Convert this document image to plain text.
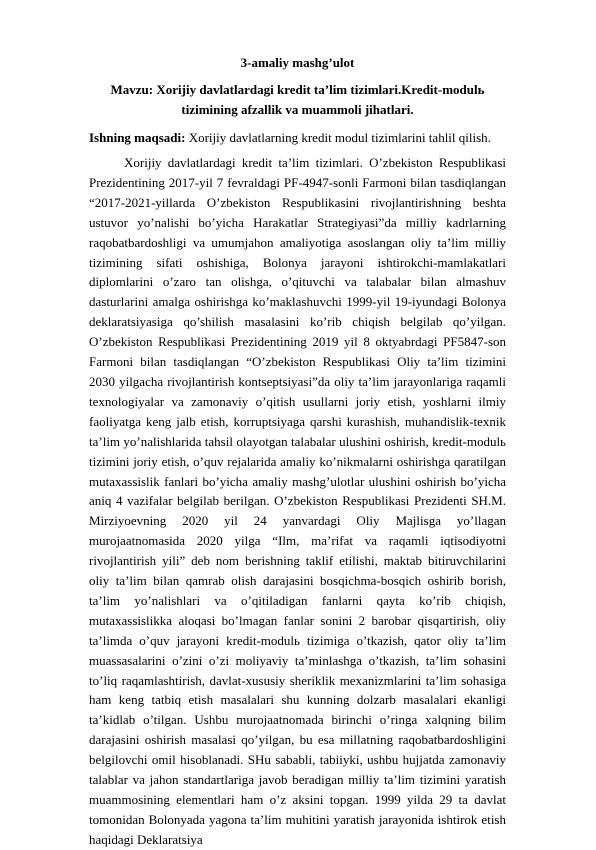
3-amaliy mashg’ulot

Mavzu: Xorijiy davlatlardagi kredit ta’lim tizimlari.Kredit-modulь tizimining afzallik va muammoli jihatlari.

Ishning maqsadi: Xorijiy davlatlarning kredit modul tizimlarini tahlil qilish.

Xorijiy davlatlardagi kredit ta’lim tizimlari. O’zbekiston Respublikasi Prezidentining 2017-yil 7 fevraldagi PF-4947-sonli Farmoni bilan tasdiqlangan “2017-2021-yillarda O’zbekiston Respublikasini rivojlantirishning beshta ustuvor yo’nalishi bo’yicha Harakatlar Strategiyasi”da milliy kadrlarning raqobatbardoshligi va umumjahon amaliyotiga asoslangan oliy ta’lim milliy tizimining sifati oshishiga, Bolonya jarayoni ishtirokchi-mamlakatlari diplomlarini o’zaro tan olishga, o’qituvchi va talabalar bilan almashuv dasturlarini amalga oshirishga ko’maklashuvchi 1999-yil 19-iyundagi Bolonya deklaratsiyasiga qo’shilish masalasini ko’rib chiqish belgilab qo’yilgan. O’zbekiston Respublikasi Prezidentining 2019 yil 8 oktyabrdagi PF5847-son Farmoni bilan tasdiqlangan “O’zbekiston Respublikasi Oliy ta’lim tizimini 2030 yilgacha rivojlantirish kontseptsiyasi”da oliy ta’lim jarayonlariga raqamli texnologiyalar va zamonaviy o’qitish usullarni joriy etish, yoshlarni ilmiy faoliyatga keng jalb etish, korruptsiyaga qarshi kurashish, muhandislik-texnik ta’lim yo’nalishlarida tahsil olayotgan talabalar ulushini oshirish, kredit-modulь tizimini joriy etish, o’quv rejalarida amaliy ko’nikmalarni oshirishga qaratilgan mutaxassislik fanlari bo’yicha amaliy mashg’ulotlar ulushini oshirish bo’yicha aniq 4 vazifalar belgilab berilgan. O’zbekiston Respublikasi Prezidenti SH.M. Mirziyoevning 2020 yil 24 yanvardagi Oliy Majlisga yo’llagan murojaatnomasida 2020 yilga “Ilm, ma’rifat va raqamli iqtisodiyotni rivojlantirish yili” deb nom berishning taklif etilishi, maktab bitiruvchilarini oliy ta’lim bilan qamrab olish darajasini bosqichma-bosqich oshirib borish, ta’lim yo’nalishlari va o’qitiladigan fanlarni qayta ko’rib chiqish, mutaxassislikka aloqasi bo’lmagan fanlar sonini 2 barobar qisqartirish, oliy ta’limda o’quv jarayoni kredit-modulь tizimiga o’tkazish, qator oliy ta’lim muassasalarini o’zini o’zi moliyaviy ta’minlashga o’tkazish, ta’lim sohasini to’liq raqamlashtirish, davlat-xususiy sheriklik mexanizmlarini ta’lim sohasiga ham keng tatbiq etish masalalari shu kunning dolzarb masalalari ekanligi ta’kidlab o’tilgan. Ushbu murojaatnomada birinchi o’ringa xalqning bilim darajasini oshirish masalasi qo’yilgan, bu esa millatning raqobatbardoshligini belgilovchi omil hisoblanadi. SHu sababli, tabiiyki, ushbu hujjatda zamonaviy talablar va jahon standartlariga javob beradigan milliy ta’lim tizimini yaratish muammosining elementlari ham o’z aksini topgan. 1999 yilda 29 ta davlat tomonidan Bolonyada yagona ta’lim muhitini yaratish jarayonida ishtirok etish haqidagi Deklaratsiya
